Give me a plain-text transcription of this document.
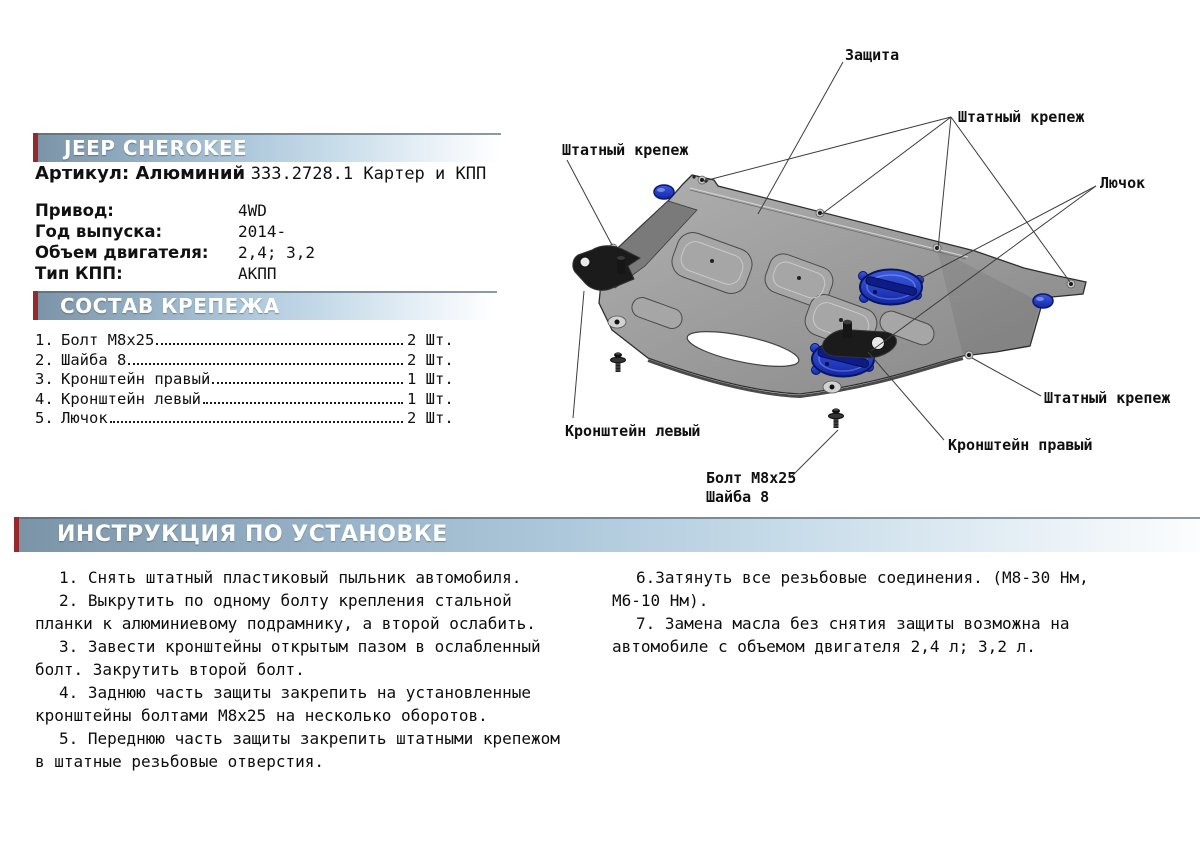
JEEP CHEROKEE
Артикул: Алюминий 333.2728.1 Картер и КПП
Привод:	4WD
Год выпуска:	2014-
Объем двигателя: 2,4; 3,2
Тип КПП:	АКПП
СОСТАВ КРЕПЕЖА
1. Болт М8х25	2 Шт.
2. Шайба 8	2 Шт.
3. Кронштейн правый	1 Шт.
4. Кронштейн левый	1 Шт.
5. Лючок	2 Шт.
ИНСТРУКЦИЯ ПО УСТАНОВКЕ

1. Снять штатный пластиковый пыльник автомобиля.

2. Выкрутить по одному болту крепления стальной планки к алюминиевому подрамнику, а второй ослабить.

3. Завести кронштейны открытым пазом в ослабленный болт. Закрутить второй болт.

4. Заднюю часть защиты закрепить на установленные кронштейны болтами М8х25 на несколько оборотов.

5. Переднюю часть защиты закрепить штатными крепежом в штатные резьбовые отверстия.

6.Затянуть все резьбовые соединения. (М8-30 Нм, М6-10 Нм).

7. Замена масла без снятия защиты возможна на автомобиле с объемом двигателя 2,4 л; 3,2 л.

Защита
Штатный крепеж
Штатный крепеж
Лючок
Штатный крепеж
Кронштейн левый
Кронштейн правый
Болт М8х25
Шайба 8
